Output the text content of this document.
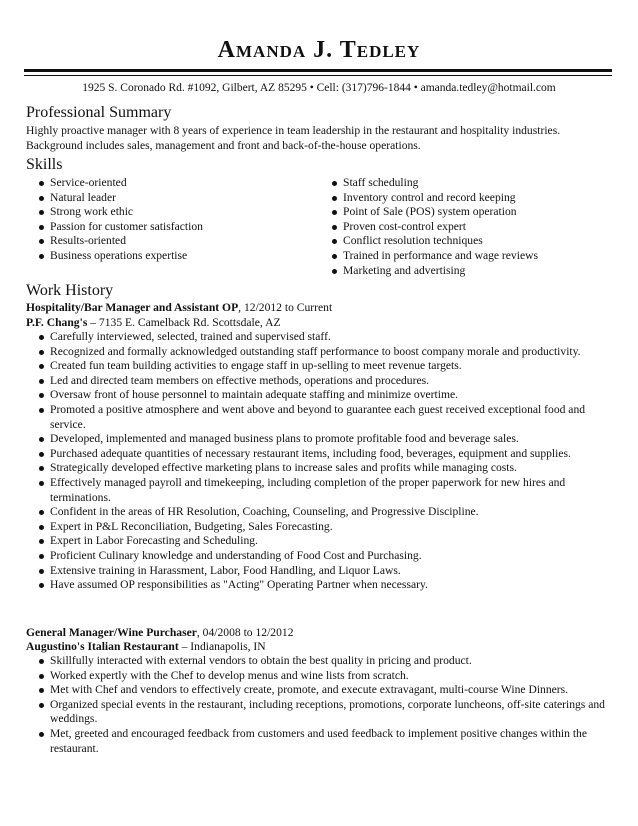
Amanda J. Tedley
1925 S. Coronado Rd. #1092, Gilbert, AZ 85295 • Cell: (317)796-1844 • amanda.tedley@hotmail.com
Professional Summary
Highly proactive manager with 8 years of experience in team leadership in the restaurant and hospitality industries.
Background includes sales, management and front and back-of-the-house operations.
Skills
Service-oriented
Natural leader
Strong work ethic
Passion for customer satisfaction
Results-oriented
Business operations expertise
Staff scheduling
Inventory control and record keeping
Point of Sale (POS) system operation
Proven cost-control expert
Conflict resolution techniques
Trained in performance and wage reviews
Marketing and advertising
Work History
Hospitality/Bar Manager and Assistant OP, 12/2012 to Current
P.F. Chang's – 7135 E. Camelback Rd. Scottsdale, AZ
Carefully interviewed, selected, trained and supervised staff.
Recognized and formally acknowledged outstanding staff performance to boost company morale and productivity.
Created fun team building activities to engage staff in up-selling to meet revenue targets.
Led and directed team members on effective methods, operations and procedures.
Oversaw front of house personnel to maintain adequate staffing and minimize overtime.
Promoted a positive atmosphere and went above and beyond to guarantee each guest received exceptional food and service.
Developed, implemented and managed business plans to promote profitable food and beverage sales.
Purchased adequate quantities of necessary restaurant items, including food, beverages, equipment and supplies.
Strategically developed effective marketing plans to increase sales and profits while managing costs.
Effectively managed payroll and timekeeping, including completion of the proper paperwork for new hires and terminations.
Confident in the areas of HR Resolution, Coaching, Counseling, and Progressive Discipline.
Expert in P&L Reconciliation, Budgeting, Sales Forecasting.
Expert in Labor Forecasting and Scheduling.
Proficient Culinary knowledge and understanding of Food Cost and Purchasing.
Extensive training in Harassment, Labor, Food Handling, and Liquor Laws.
Have assumed OP responsibilities as "Acting" Operating Partner when necessary.
General Manager/Wine Purchaser, 04/2008 to 12/2012
Augustino's Italian Restaurant – Indianapolis, IN
Skillfully interacted with external vendors to obtain the best quality in pricing and product.
Worked expertly with the Chef to develop menus and wine lists from scratch.
Met with Chef and vendors to effectively create, promote, and execute extravagant, multi-course Wine Dinners.
Organized special events in the restaurant, including receptions, promotions, corporate luncheons, off-site caterings and weddings.
Met, greeted and encouraged feedback from customers and used feedback to implement positive changes within the restaurant.
